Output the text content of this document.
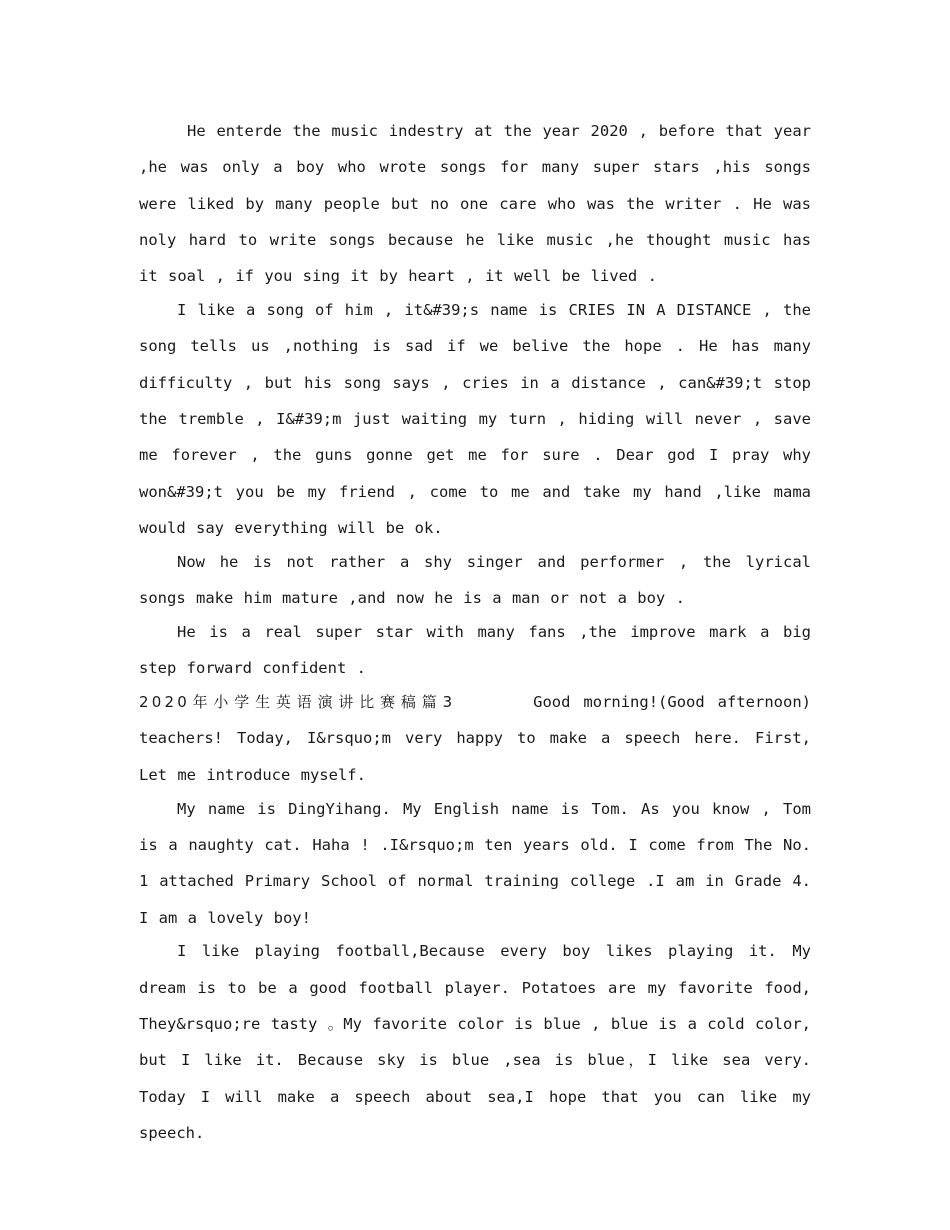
He enterde the music indestry at the year 2020 , before that year ,he was only a boy who wrote songs for many super stars ,his songs were liked by many people but no one care who was the writer . He was noly hard to write songs because he like music ,he thought music has it soal , if you sing it by heart , it well be lived .

I like a song of him , it&#39;s name is CRIES IN A DISTANCE , the song tells us ,nothing is sad if we belive the hope . He has many difficulty , but his song says , cries in a distance , can&#39;t stop the tremble , I&#39;m just waiting my turn , hiding will never , save me forever , the guns gonne get me for sure . Dear god I pray why won&#39;t you be my friend , come to me and take my hand ,like mama would say everything will be ok.

Now he is not rather a shy singer and performer , the lyrical songs make him mature ,and now he is a man or not a boy .

He is a real super star with many fans ,the improve mark a big step forward confident .

2020年小学生英语演讲比赛稿篇3	Good morning!(Good afternoon) teachers! Today, I&rsquo;m very happy to make a speech here. First, Let me introduce myself.

My name is DingYihang. My English name is Tom. As you know , Tom is a naughty cat. Haha ! .I&rsquo;m ten years old. I come from The No. 1 attached Primary School of normal training college .I am in Grade 4. I am a lovely boy!

I like playing football,Because every boy likes playing it. My dream is to be a good football player. Potatoes are my favorite food, They&rsquo;re tasty 。My favorite color is blue , blue is a cold color, but I like it. Because sky is blue ,sea is blue，I like sea very. Today I will make a speech about sea,I hope that you can like my speech.
